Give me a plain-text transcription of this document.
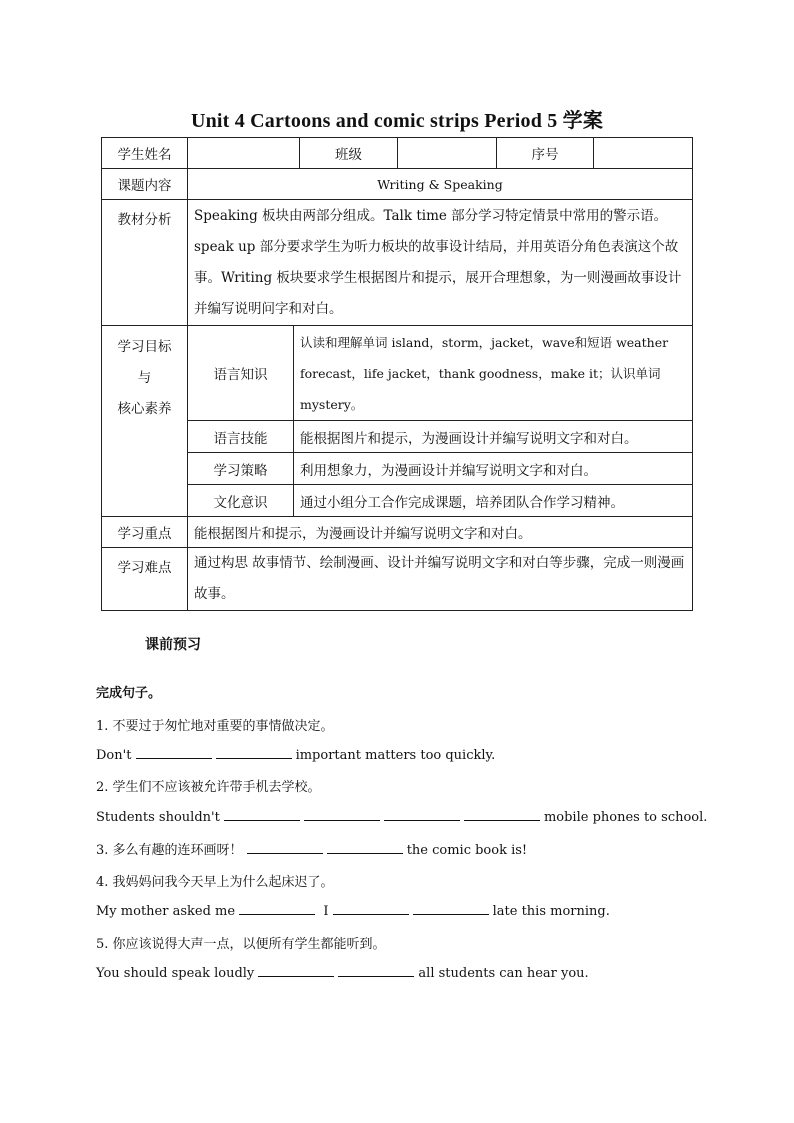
Unit 4 Cartoons and comic strips Period 5 学案
学生姓名			班级		序号	
课题内容	Writing & Speaking					
教材分析	Speaking 板块由两部分组成。Talk time 部分学习特定情景中常用的警示语。speak up 部分要求学生为听力板块的故事设计结局，并用英语分角色表演这个故事。Writing 板块要求学生根据图片和提示，展开合理想象，为一则漫画故事设计并编写说明问字和对白。					

学习目标
与
核心素养	语言知识	认读和理解单词 island，storm，jacket，wave和短语 weather forecast，life jacket，thank goodness，make it；认识单词 mystery。				
	语言技能	能根据图片和提示，为漫画设计并编写说明文字和对白。				
	学习策略	利用想象力，为漫画设计并编写说明文字和对白。				
	文化意识	通过小组分工合作完成课题，培养团队合作学习精神。				
学习重点	能根据图片和提示，为漫画设计并编写说明文字和对白。					
学习难点	通过构思 故事情节、绘制漫画、设计并编写说明文字和对白等步骤，完成一则漫画故事。					
课前预习
完成句子。
1. 不要过于匆忙地对重要的事情做决定。
Don't	important matters too quickly.
2. 学生们不应该被允许带手机去学校。
Students shouldn't	mobile phones to school.
3. 多么有趣的连环画呀！	the comic book is!
4. 我妈妈问我今天早上为什么起床迟了。
My mother asked me	I	late this morning.
5. 你应该说得大声一点，以便所有学生都能听到。
You should speak loudly	all students can hear you.
